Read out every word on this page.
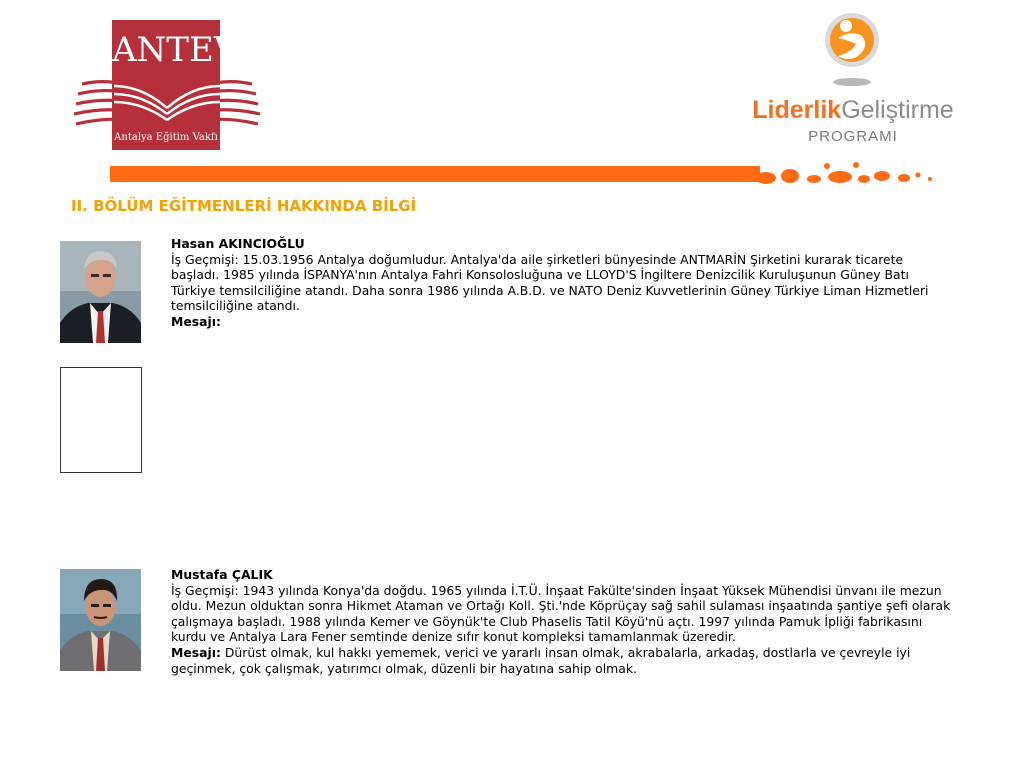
ANTEV
Antalya Eğitim Vakfı
LiderlikGeliştirme
PROGRAMI
II. BÖLÜM EĞİTMENLERİ HAKKINDA BİLGİ
Hasan AKINCIOĞLU
İş Geçmişi: 15.03.1956 Antalya doğumludur. Antalya'da aile şirketleri bünyesinde ANTMARİN Şirketini kurarak ticarete başladı. 1985 yılında İSPANYA'nın Antalya Fahri Konsolosluğuna ve LLOYD'S İngiltere Denizcilik Kuruluşunun Güney Batı Türkiye temsilciliğine atandı. Daha sonra 1986 yılında A.B.D. ve NATO Deniz Kuvvetlerinin Güney Türkiye Liman Hizmetleri temsilciliğine atandı.
Mesajı:
Mustafa ÇALIK
İş Geçmişi: 1943 yılında Konya'da doğdu. 1965 yılında İ.T.Ü. İnşaat Fakülte'sinden İnşaat Yüksek Mühendisi ünvanı ile mezun oldu. Mezun olduktan sonra Hikmet Ataman ve Ortağı Koll. Şti.'nde Köprüçay sağ sahil sulaması inşaatında şantiye şefi olarak çalışmaya başladı. 1988 yılında Kemer ve Göynük'te Club Phaselis Tatil Köyü'nü açtı. 1997 yılında Pamuk İpliği fabrikasını kurdu ve Antalya Lara Fener semtinde denize sıfır konut kompleksi tamamlanmak üzeredir.
Mesajı: Dürüst olmak, kul hakkı yememek, verici ve yararlı insan olmak, akrabalarla, arkadaş, dostlarla ve çevreyle iyi geçinmek, çok çalışmak, yatırımcı olmak, düzenli bir hayatına sahip olmak.
